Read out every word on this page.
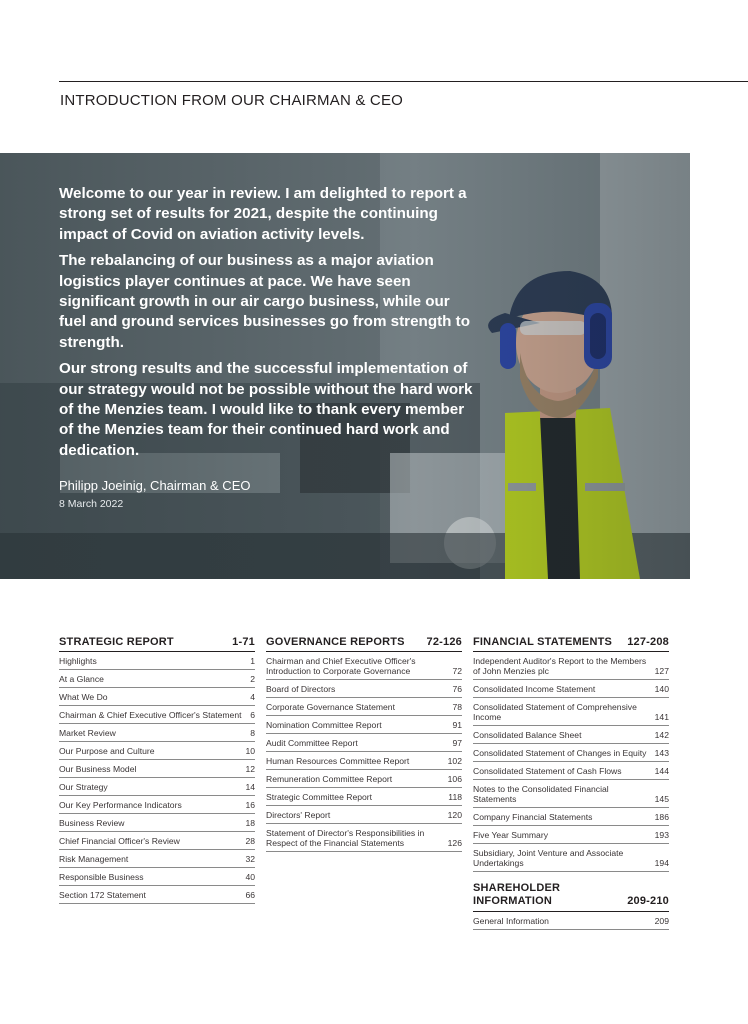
INTRODUCTION FROM OUR CHAIRMAN & CEO

Welcome to our year in review. I am delighted to report a strong set of results for 2021, despite the continuing impact of Covid on aviation activity levels.

The rebalancing of our business as a major aviation logistics player continues at pace. We have seen significant growth in our air cargo business, while our fuel and ground services businesses go from strength to strength.

Our strong results and the successful implementation of our strategy would not be possible without the hard work of the Menzies team. I would like to thank every member of the Menzies team for their continued hard work and dedication.

Philipp Joeinig, Chairman & CEO
8 March 2022
STRATEGIC REPORT	1-71
Highlights	1
At a Glance	2
What We Do	4
Chairman & Chief Executive Officer's Statement	6
Market Review	8
Our Purpose and Culture	10
Our Business Model	12
Our Strategy	14
Our Key Performance Indicators	16
Business Review	18
Chief Financial Officer's Review	28
Risk Management	32
Responsible Business	40
Section 172 Statement	66
GOVERNANCE REPORTS 72-126
Chairman and Chief Executive Officer's Introduction to Corporate Governance	72
Board of Directors	76
Corporate Governance Statement	78
Nomination Committee Report	91
Audit Committee Report	97
Human Resources Committee Report	102
Remuneration Committee Report	106
Strategic Committee Report	118
Directors' Report	120
Statement of Director's Responsibilities in Respect of the Financial Statements	126
FINANCIAL STATEMENTS 127-208
Independent Auditor's Report to the Members of John Menzies plc	127
Consolidated Income Statement	140
Consolidated Statement of Comprehensive Income	141
Consolidated Balance Sheet	142
Consolidated Statement of Changes in Equity 143
Consolidated Statement of Cash Flows	144
Notes to the Consolidated Financial Statements	145
Company Financial Statements	186
Five Year Summary	193
Subsidiary, Joint Venture and Associate Undertakings	194
SHAREHOLDER INFORMATION	209-210
General Information	209
